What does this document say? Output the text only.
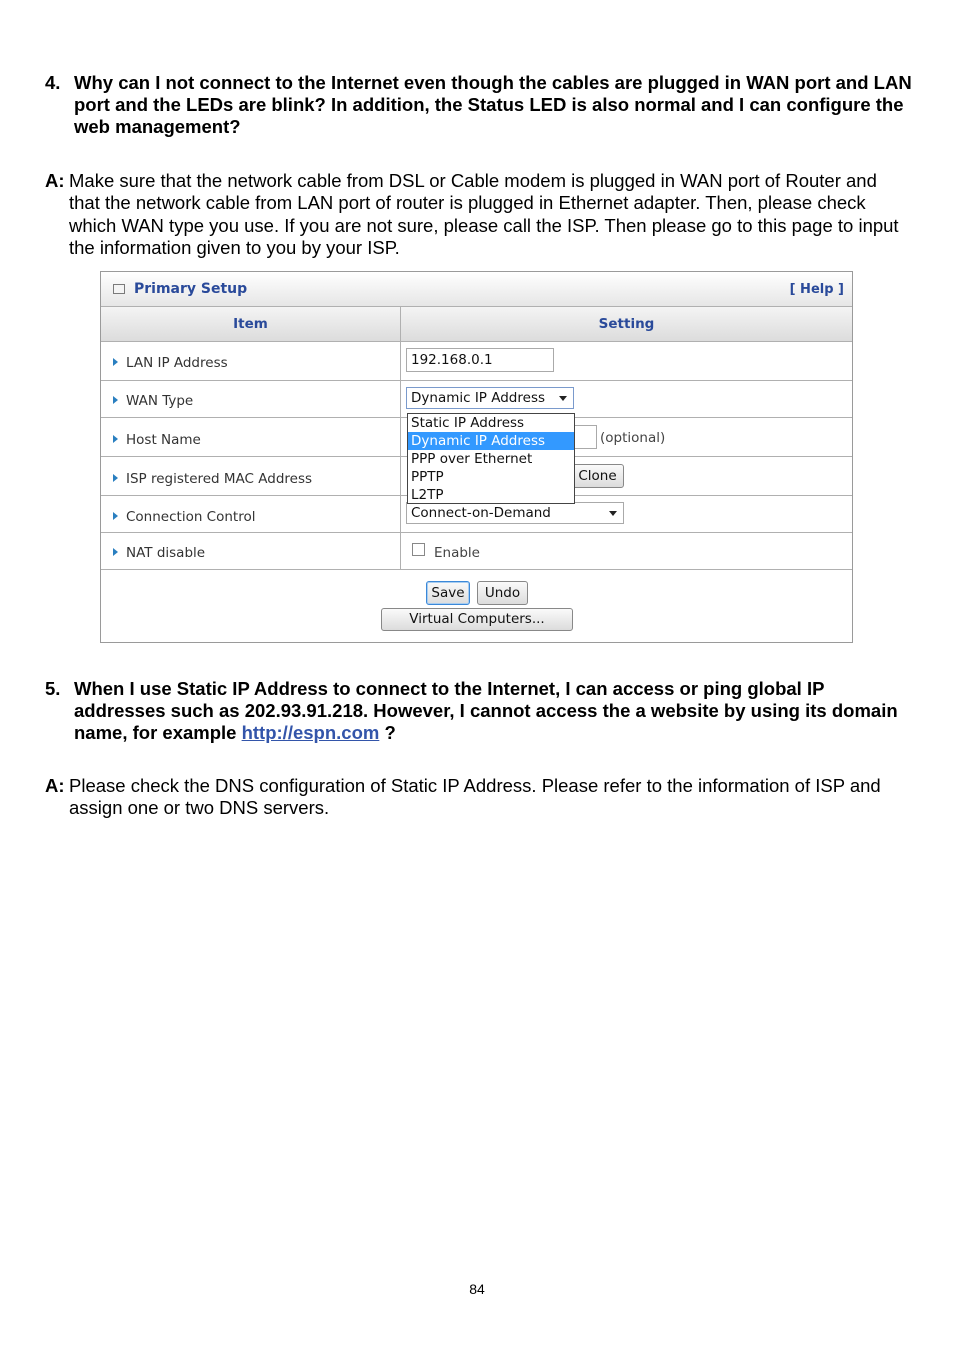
4. Why can I not connect to the Internet even though the cables are plugged in WAN port and LAN port and the LEDs are blink? In addition, the Status LED is also normal and I can configure the web management?
A: Make sure that the network cable from DSL or Cable modem is plugged in WAN port of Router and that the network cable from LAN port of router is plugged in Ethernet adapter. Then, please check which WAN type you use. If you are not sure, please call the ISP. Then please go to this page to input the information given to you by your ISP.
Primary Setup	[ Help ]
Item	Setting
LAN IP Address	192.168.0.1
WAN Type	Dynamic IP Address
Host Name	(optional)
ISP registered MAC Address	Clone
Connection Control	Connect-on-Demand
NAT disable	Enable
Save	Undo
Virtual Computers...
Static IP Address
Dynamic IP Address
PPP over Ethernet
PPTP
L2TP
5. When I use Static IP Address to connect to the Internet, I can access or ping global IP addresses such as 202.93.91.218. However, I cannot access the a website by using its domain name, for example http://espn.com ?
A: Please check the DNS configuration of Static IP Address. Please refer to the information of ISP and assign one or two DNS servers.
84
